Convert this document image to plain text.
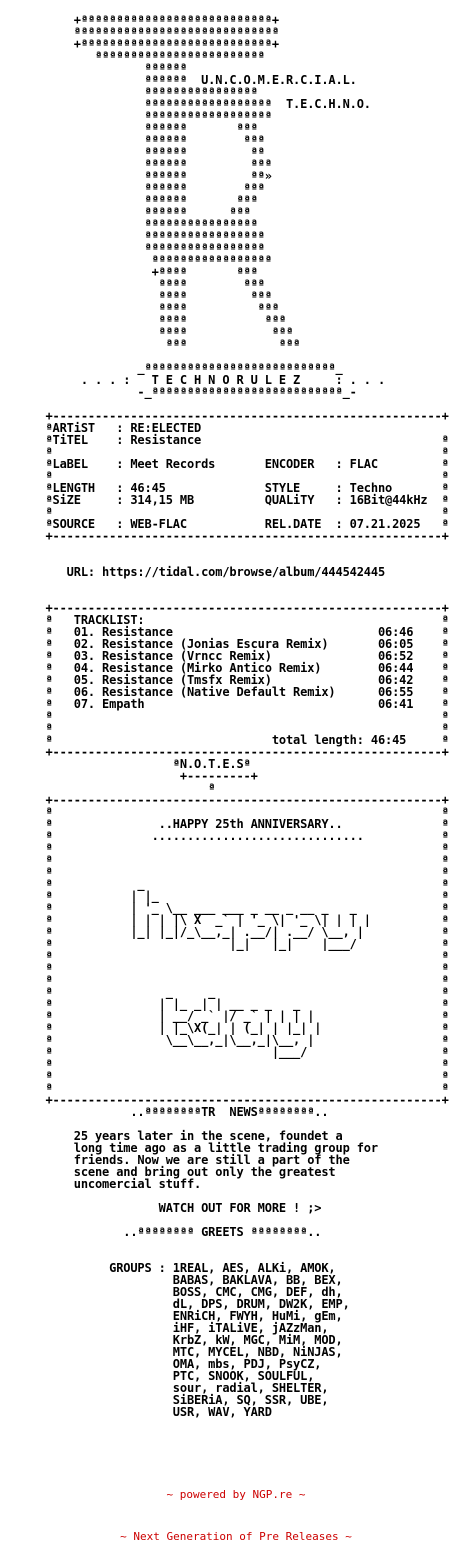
+ªªªªªªªªªªªªªªªªªªªªªªªªªªª+
ªªªªªªªªªªªªªªªªªªªªªªªªªªªªª
+ªªªªªªªªªªªªªªªªªªªªªªªªªªª+
ªªªªªªªªªªªªªªªªªªªªªªªª
ªªªªªª
ªªªªªª  U.N.C.O.M.E.R.C.I.A.L.
ªªªªªªªªªªªªªªªª
ªªªªªªªªªªªªªªªªªª  T.E.C.H.N.O.
ªªªªªªªªªªªªªªªªªª
ªªªªªª       ªªª
ªªªªªª        ªªª
ªªªªªª         ªª
ªªªªªª         ªªª
ªªªªªª         ªª»
ªªªªªª        ªªª
ªªªªªª       ªªª
ªªªªªª      ªªª
ªªªªªªªªªªªªªªªª
ªªªªªªªªªªªªªªªªª
ªªªªªªªªªªªªªªªªª
ªªªªªªªªªªªªªªªªª
+ªªªª       ªªª
ªªªª        ªªª
ªªªª         ªªª
ªªªª          ªªª
ªªªª           ªªª
ªªªª            ªªª
ªªª             ªªª

_ªªªªªªªªªªªªªªªªªªªªªªªªªªª_
. . . :   T E C H N O R U L E Z     : . . .
-_ªªªªªªªªªªªªªªªªªªªªªªªªªªª_-

+-------------------------------------------------------+
ªARTiST   : RE:ELECTED
ªTiTEL    : Resistance                                  ª
ª                                                       ª
ªLaBEL    : Meet Records       ENCODER   : FLAC         ª
ª                                                       ª
ªLENGTH   : 46:45              STYLE     : Techno       ª
ªSiZE     : 314,15 MB          QUALiTY   : 16Bit@44kHz  ª
ª                                                       ª
ªSOURCE   : WEB-FLAC           REL.DATE  : 07.21.2025   ª
+-------------------------------------------------------+

URL: https://tidal.com/browse/album/444542445

+-------------------------------------------------------+
ª   TRACKLIST:                                          ª
ª   01. Resistance                             06:46    ª
ª   02. Resistance (Jonias Escura Remix)       06:05    ª
ª   03. Resistance (Vrncc Remix)               06:52    ª
ª   04. Resistance (Mirko Antico Remix)        06:44    ª
ª   05. Resistance (Tmsfx Remix)               06:42    ª
ª   06. Resistance (Native Default Remix)      06:55    ª
ª   07. Empath                                 06:41    ª
ª                                                       ª
ª                                                       ª
ª                               total length: 46:45     ª
+-------------------------------------------------------+
ªN.O.T.E.Sª
+---------+
ª
+-------------------------------------------------------+
ª                                                       ª
ª               ..HAPPY 25th ANNIVERSARY..              ª
ª              ..............................           ª
ª                                                       ª
ª                                                       ª
ª                                                       ª
ª            _                                          ª
ª           | |_                                        ª
ª           | '_ \__ ___ ___ _ __ _ __ _   _            ª
ª           | | | |\ X  _` | '_ \| '_ \| | | |          ª
ª           |_| |_|/_\__,_| .__/| .__/ \__, |           ª
ª                         |_|   |_|    |___/            ª
ª                                                       ª
ª                                                       ª
ª                                                       ª
ª                _     _                                ª
ª               | |_ _| | __ _ _   _                    ª
ª               | __/ _` |/ _` | | | |                  ª
ª               | |_\X(_| | (_| | |_| |                 ª
ª                \__\__,_|\__,_|\__, |                  ª
ª                               |___/                   ª
ª                                                       ª
ª                                                       ª
ª                                                       ª
+-------------------------------------------------------+
..ªªªªªªªªTR  NEWSªªªªªªªª..

25 years later in the scene, foundet a
long time ago as a little trading group for
friends. Now we are still a part of the
scene and bring out only the greatest
uncomercial stuff.

WATCH OUT FOR MORE ! ;>

..ªªªªªªªª GREETS ªªªªªªªª..

GROUPS : 1REAL, AES, ALKi, AMOK,
BABAS, BAKLAVA, BB, BEX,
BOSS, CMC, CMG, DEF, dh,
dL, DPS, DRUM, DW2K, EMP,
ENRiCH, FWYH, HuMi, gEm,
iHF, iTALiVE, jAZzMan,
KrbZ, kW, MGC, MiM, MOD,
MTC, MYCEL, NBD, NiNJAS,
OMA, mbs, PDJ, PsyCZ,
PTC, SNOOK, SOULFUL,
sour, radial, SHELTER,
SiBERiA, SQ, SSR, UBE,
USR, WAV, YARD

~ powered by NGP.re ~

~ Next Generation of Pre Releases ~
